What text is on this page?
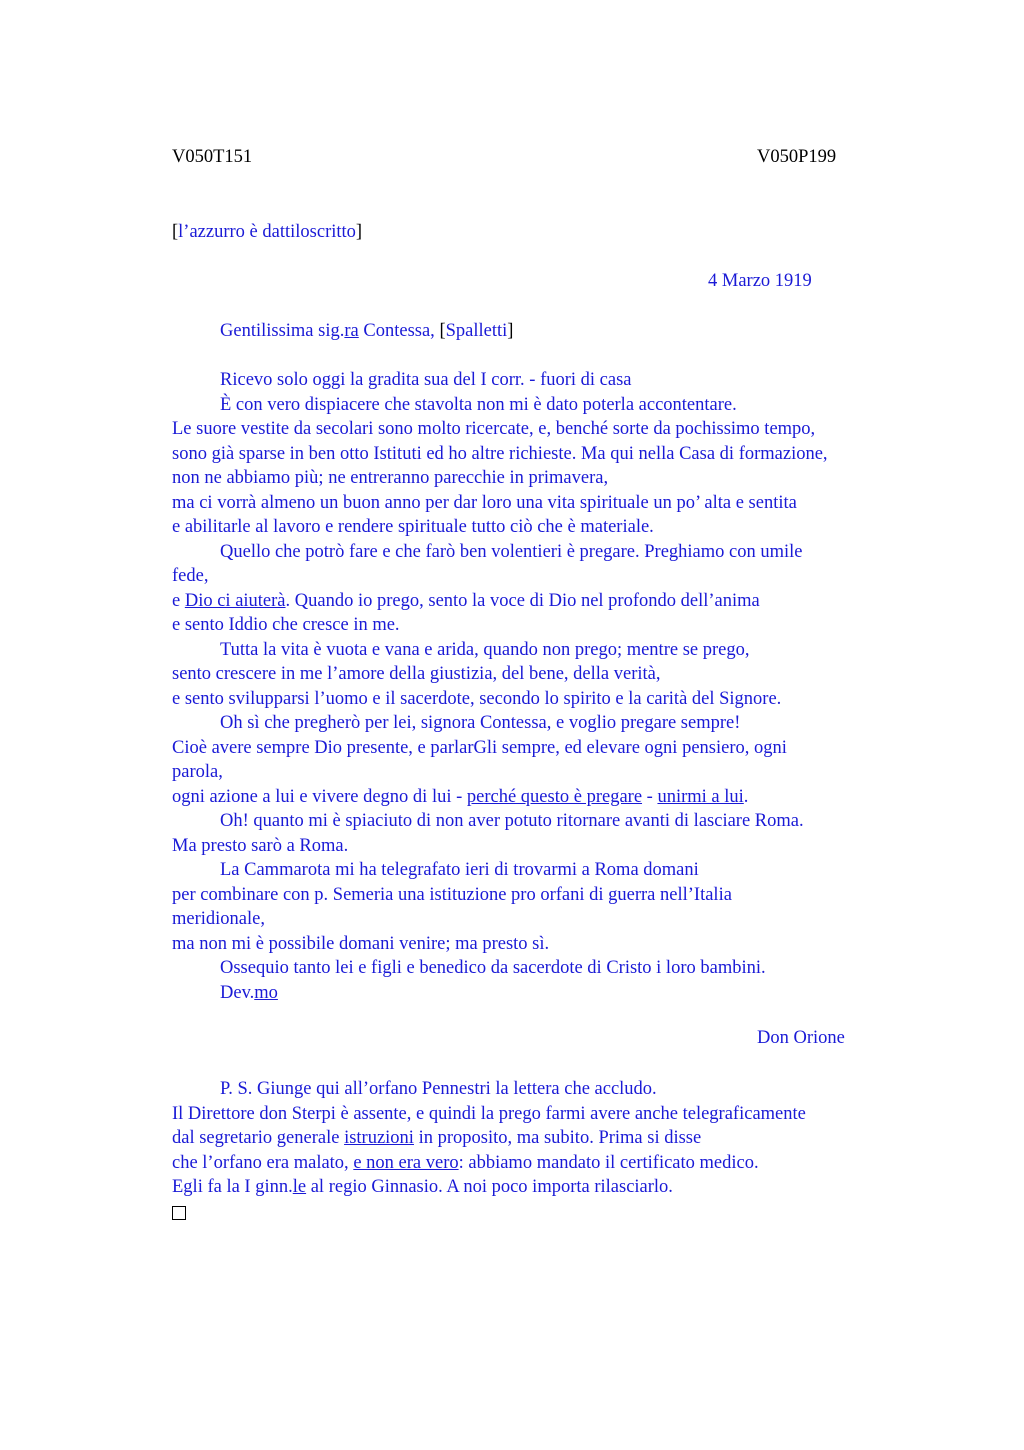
V050T151	V050P199
[l’azzurro è dattiloscritto]
4 Marzo 1919
Gentilissima sig.ra Contessa, [Spalletti]
Ricevo solo oggi la gradita sua del I corr. - fuori di casa
È con vero dispiacere che stavolta non mi è dato poterla accontentare.
Le suore vestite da secolari sono molto ricercate, e, benché sorte da pochissimo tempo,
sono già sparse in ben otto Istituti ed ho altre richieste. Ma qui nella Casa di formazione,
non ne abbiamo più; ne entreranno parecchie in primavera,
ma ci vorrà almeno un buon anno per dar loro una vita spirituale un po’ alta e sentita
e abilitarle al lavoro e rendere spirituale tutto ciò che è materiale.
Quello che potrò fare e che farò ben volentieri è pregare. Preghiamo con umile
fede,
e Dio ci aiuterà. Quando io prego, sento la voce di Dio nel profondo dell’anima
e sento Iddio che cresce in me.
Tutta la vita è vuota e vana e arida, quando non prego; mentre se prego,
sento crescere in me l’amore della giustizia, del bene, della verità,
e sento svilupparsi l’uomo e il sacerdote, secondo lo spirito e la carità del Signore.
Oh sì che pregherò per lei, signora Contessa, e voglio pregare sempre!
Cioè avere sempre Dio presente, e parlarGli sempre, ed elevare ogni pensiero, ogni
parola,
ogni azione a lui e vivere degno di lui - perché questo è pregare - unirmi a lui.
Oh! quanto mi è spiaciuto di non aver potuto ritornare avanti di lasciare Roma.
Ma presto sarò a Roma.
La Cammarota mi ha telegrafato ieri di trovarmi a Roma domani
per combinare con p. Semeria una istituzione pro orfani di guerra nell’Italia
meridionale,
ma non mi è possibile domani venire; ma presto sì.
Ossequio tanto lei e figli e benedico da sacerdote di Cristo i loro bambini.
Dev.mo
Don Orione
P. S. Giunge qui all’orfano Pennestri la lettera che accludo.
Il Direttore don Sterpi è assente, e quindi la prego farmi avere anche telegraficamente
dal segretario generale istruzioni in proposito, ma subito. Prima si disse
che l’orfano era malato, e non era vero: abbiamo mandato il certificato medico.
Egli fa la I ginn.le al regio Ginnasio. A noi poco importa rilasciarlo.
